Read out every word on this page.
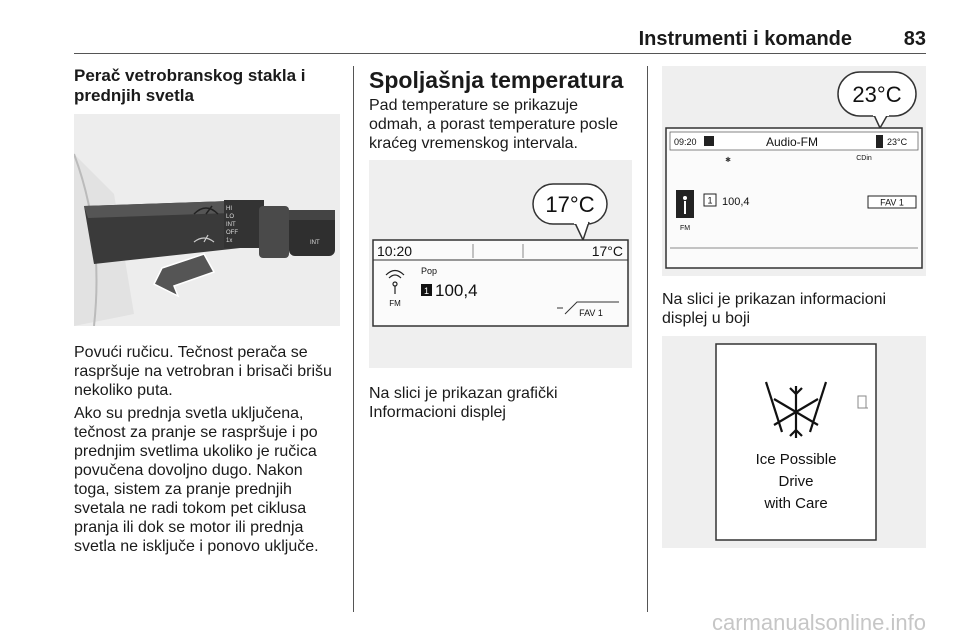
Instrumenti i komande	83
Perač vetrobranskog stakla i prednjih svetla
HI
LO
INT
OFF
1x	INT
Povući ručicu. Tečnost perača se raspršuje na vetrobran i brisači brišu nekoliko puta.
Ako su prednja svetla uključena, tečnost za pranje se raspršuje i po prednjim svetlima ukoliko je ručica povučena dovoljno dugo. Nakon toga, sistem za pranje prednjih svetala ne radi tokom pet ciklusa pranja ili dok se motor ili prednja svetla ne isključe i ponovo uključe.
Spoljašnja temperatura
Pad temperature se prikazuje odmah, a porast temperature posle kraćeg vremenskog intervala.
17°C
10:20	17°C
FM
Pop
1 100,4
FAV 1
Na slici je prikazan grafički Informacioni displej
23°C
09:20	Audio-FM	23°C
✱	CDin
FM
1 100,4	FAV 1
Na slici je prikazan informacioni displej u boji
Ice Possible
Drive
with Care
carmanualsonline.info
